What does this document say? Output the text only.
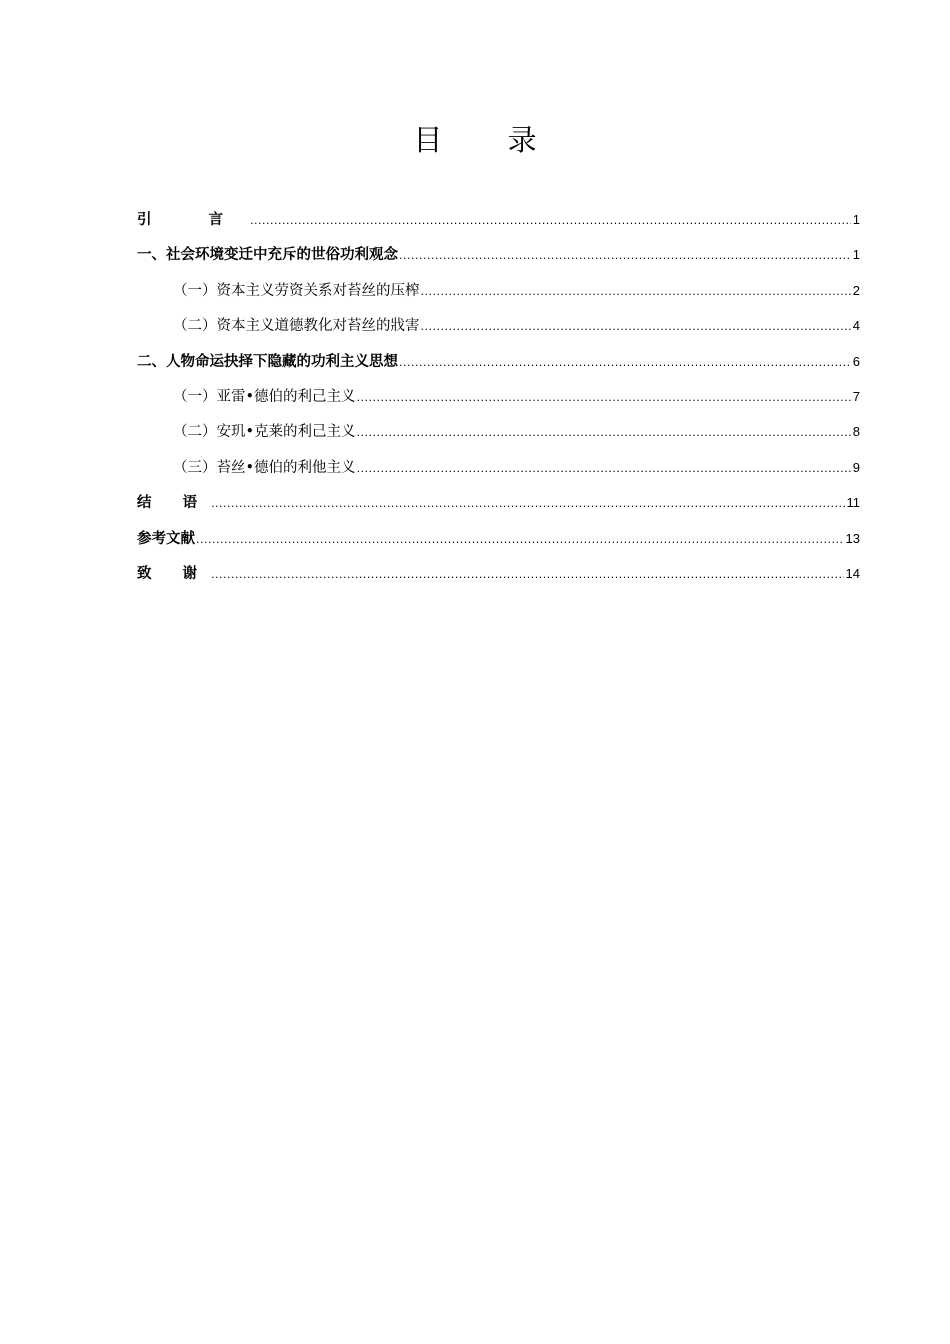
目 录
引 言 .....	1
一、社会环境变迁中充斥的世俗功利观念 .....	1
（一）资本主义劳资关系对苔丝的压榨 .....	2
（二）资本主义道德教化对苔丝的戕害 .....	4
二、人物命运抉择下隐藏的功利主义思想 .....	6
（一）亚雷•德伯的利己主义 .....	7
（二）安玑•克莱的利己主义 .....	8
（三）苔丝•德伯的利他主义 .....	9
结 语 .....	11
参考文献 .....	13
致 谢 .....	14
